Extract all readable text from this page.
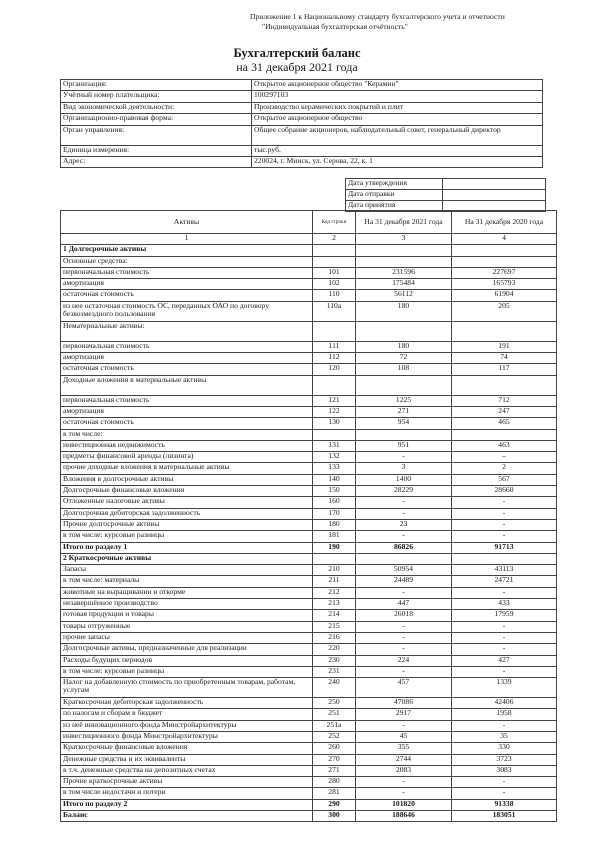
Приложение 1 к Национальному стандарту бухгалтерского учета и отчетности
"Индивидуальная бухгалтерская отчётность"
Бухгалтерский баланс
на 31 декабря 2021 года
Организация:	Открытое акционерное общество "Керамин"
Учётный номер плательщика:	100297103
Вид экономической деятельности:	Производство керамических покрытий и плит
Организационно-правовая форма:	Открытое акционерное общество
Орган управления:	Общее собрание акционеров, наблюдательный совет, генеральный директор
Единица измерения:	тыс.руб.
Адрес:	220024, г. Минск, ул. Серова, 22, к. 1
Дата утверждения	
Дата отправки	
Дата принятия	
Активы	Код строки	На 31 декабря 2021 года	На 31 декабря 2020 года
1	2	3	4
1 Долгосрочные активы			
Основные средства:			
первоначальная стоимость	101	231596	227697
амортизация	102	175484	165793
остаточная стоимость	110	56112	61904
из нее остаточная стоимость ОС, переданных ОАО по договору безвозмездного пользования	110а	180	205
Нематериальные активы:			
первоначальная стоимость	111	180	191
амортизация	112	72	74
остаточная стоимость	120	108	117
Доходные вложения в материальные активы			
первоначальная стоимость	121	1225	712
амортизация	122	271	247
остаточная стоимость	130	954	465
в том числе:			
инвестиционная недвижимость	131	951	463
предметы финансовой аренды (лизинга)	132	-	–
прочие доходные вложения в материальные активы	133	3	2
Вложения в долгосрочные активы	140	1400	567
Долгосрочные финансовые вложения	150	28229	28660
Отложенные налоговые активы	160	-	-
Долгосрочная дебиторская задолженность	170	-	-
Прочие долгосрочные активы	180	23	-
в том числе: курсовые разницы	181	-	-
Итого по разделу 1	190	86826	91713
2 Краткосрочные активы			
Запасы	210	50954	43113
в том числе: материалы	211	24489	24721
животные на выращивании и откорме	212	-	-
незавершённое производство	213	447	433
готовая продукция и товары	214	26018	17959
товары отгруженные	215	-	-
прочие запасы	216	-	-
Долгосрочные активы, предназначенные для реализации	220	-	-
Расходы будущих периодов	230	224	427
в том числе: курсовые разницы	231	-	-
Налог на добавленную стоимость по приобретенным товарам, работам, услугам	240	457	1339
Краткосрочная дебиторская задолженность	250	47086	42406
по налогам и сборам в бюджет	251	2917	1958
из неё инновационного фонда Минстройархитектуры	251а	-	-
инвестиционного фонда Минстройархитектуры	252	45	35
Краткосрочные финансовые вложения	260	355	330
Денежные средства и их эквиваленты	270	2744	3723
в т.ч. денежные средства на депозитных счетах	271	2083	3083
Прочие краткосрочные активы	280	-	-
в том числе недостачи и потери	281	-	-
Итого по разделу 2	290	101820	91338
Баланс	300	188646	183051
